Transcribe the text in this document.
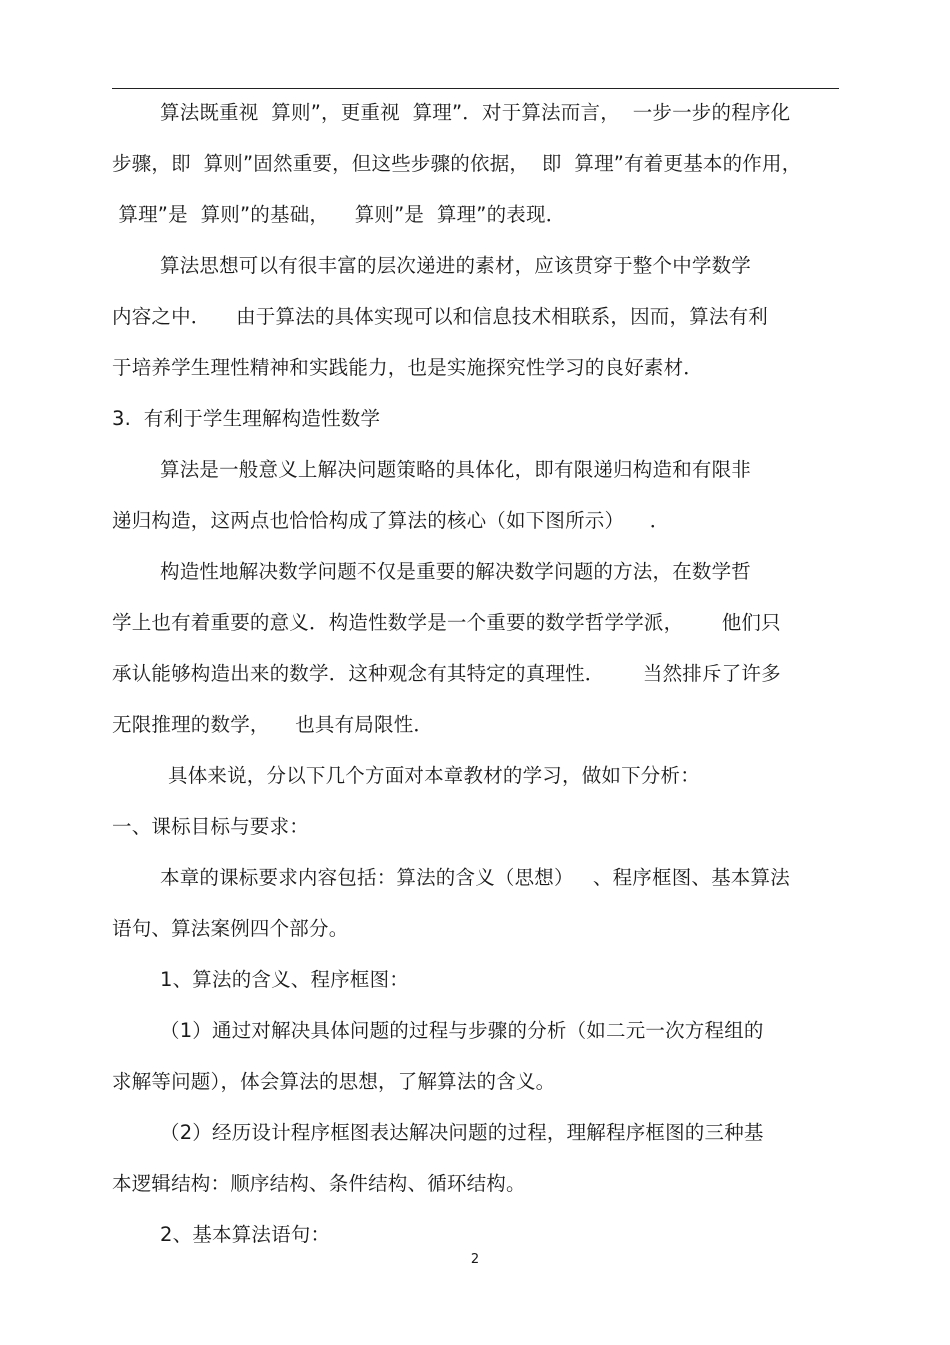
算法既重视  算则”，更重视  算理”．对于算法而言，  一步一步的程序化
步骤，即  算则”固然重要，但这些步骤的依据，  即  算理”有着更基本的作用，
算理”是  算则”的基础，    算则”是  算理”的表现．
算法思想可以有很丰富的层次递进的素材，应该贯穿于整个中学数学
内容之中．    由于算法的具体实现可以和信息技术相联系，因而，算法有利
于培养学生理性精神和实践能力，也是实施探究性学习的良好素材．
3.  有利于学生理解构造性数学
算法是一般意义上解决问题策略的具体化，即有限递归构造和有限非
递归构造，这两点也恰恰构成了算法的核心（如下图所示）    ．
构造性地解决数学问题不仅是重要的解决数学问题的方法，在数学哲
学上也有着重要的意义．构造性数学是一个重要的数学哲学学派，      他们只
承认能够构造出来的数学．这种观念有其特定的真理性．      当然排斥了许多
无限推理的数学，    也具有局限性．
具体来说，分以下几个方面对本章教材的学习，做如下分析：
一、课标目标与要求：
本章的课标要求内容包括：算法的含义（思想）   、程序框图、基本算法
语句、算法案例四个部分。
1、算法的含义、程序框图：
（1）通过对解决具体问题的过程与步骤的分析（如二元一次方程组的
求解等问题），体会算法的思想，了解算法的含义。
（2）经历设计程序框图表达解决问题的过程，理解程序框图的三种基
本逻辑结构：顺序结构、条件结构、循环结构。
2、基本算法语句：
2
